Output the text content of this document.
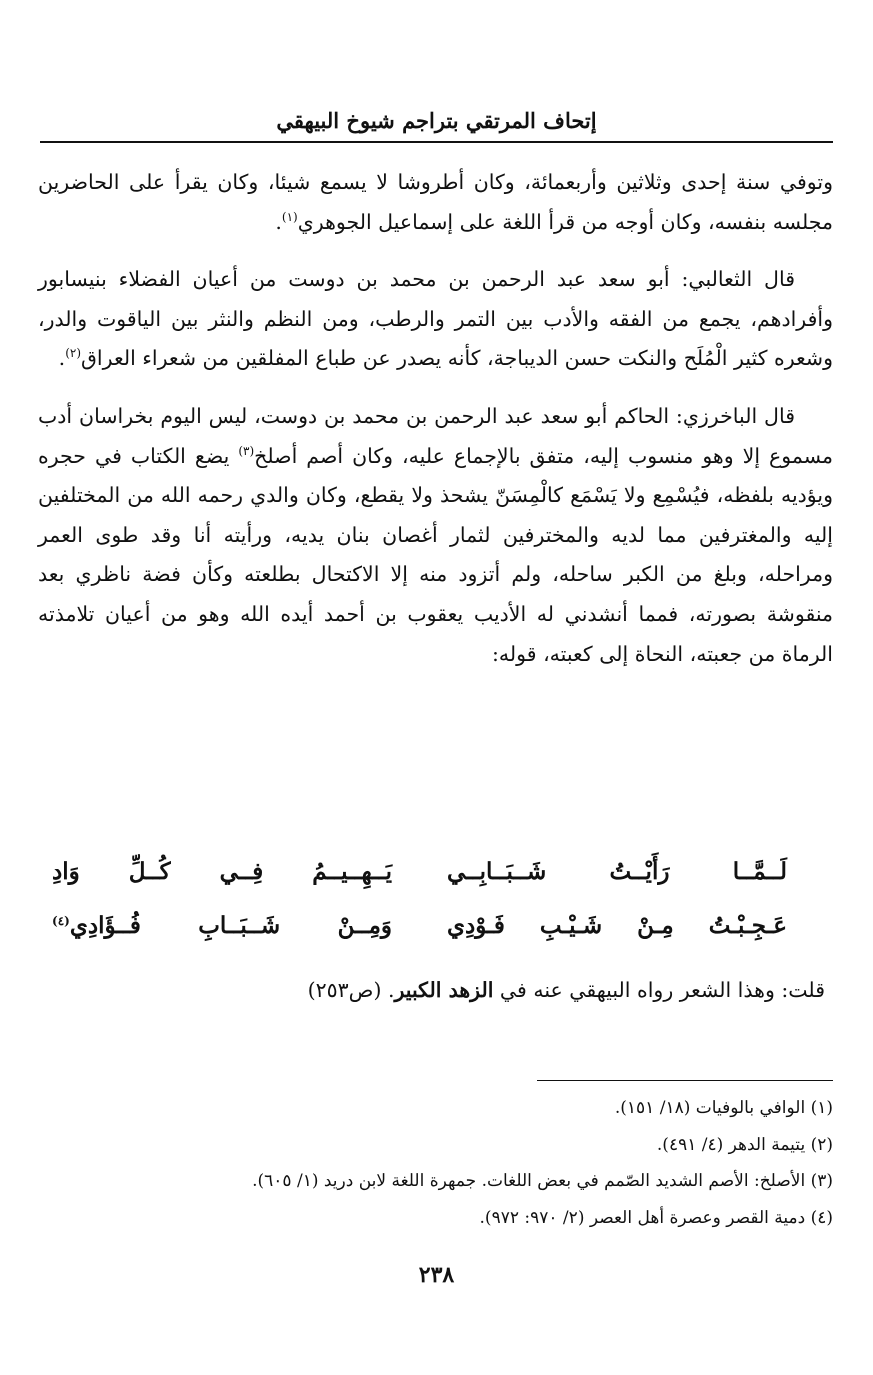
إتحاف المرتقي بتراجم شيوخ البيهقي

وتوفي سنة إحدى وثلاثين وأربعمائة، وكان أطروشا لا يسمع شيئا، وكان يقرأ على الحاضرين مجلسه بنفسه، وكان أوجه من قرأ اللغة على إسماعيل الجوهري$^{(١)}$.

قال الثعالبي: أبو سعد عبد الرحمن بن محمد بن دوست من أعيان الفضلاء بنيسابور وأفرادهم، يجمع من الفقه والأدب بين التمر والرطب، ومن النظم والنثر بين الياقوت والدر، وشعره كثير الْمُلَح والنكت حسن الديباجة، كأنه يصدر عن طباع المفلقين من شعراء العراق$^{(٢)}$.

قال الباخرزي: الحاكم أبو سعد عبد الرحمن بن محمد بن دوست، ليس اليوم بخراسان أدب مسموع إلا وهو منسوب إليه، متفق بالإجماع عليه، وكان أصم أصلخ$^{(٣)}$ يضع الكتاب في حجره ويؤديه بلفظه، فيُسْمِع ولا يَسْمَع كالْمِسَنّ يشحذ ولا يقطع، وكان والدي رحمه الله من المختلفين إليه والمغترفين مما لديه والمخترفين لثمار أغصان بنان يديه، ورأيته أنا وقد طوى العمر ومراحله، وبلغ من الكبر ساحله، ولم أتزود منه إلا الاكتحال بطلعته وكأن فضة ناظري بعد منقوشة بصورته، فمما أنشدني له الأديب يعقوب بن أحمد أيده الله وهو من أعيان تلامذته الرماة من جعبته، النحاة إلى كعبته، قوله:

لَــمَّــا رَأَيْــتُ شَــبَــابِــي
يَــهِــيــمُ فِــي كُــلِّ وَادِ
عَـجِـبْـتُ مِـنْ شَـيْـبِ فَـوْدِي
وَمِــنْ شَــبَــابِ فُــؤَادِي$^{(٤)}$
قلت: وهذا الشعر رواه البيهقي عنه في الزهد الكبير. (ص٢٥٣)
(١) الوافي بالوفيات (١٨/ ١٥١).
(٢) يتيمة الدهر (٤/ ٤٩١).
(٣) الأصلخ: الأصم الشديد الصّمم في بعض اللغات. جمهرة اللغة لابن دريد (١/ ٦٠٥).
(٤) دمية القصر وعصرة أهل العصر (٢/ ٩٧٠: ٩٧٢).
٢٣٨
